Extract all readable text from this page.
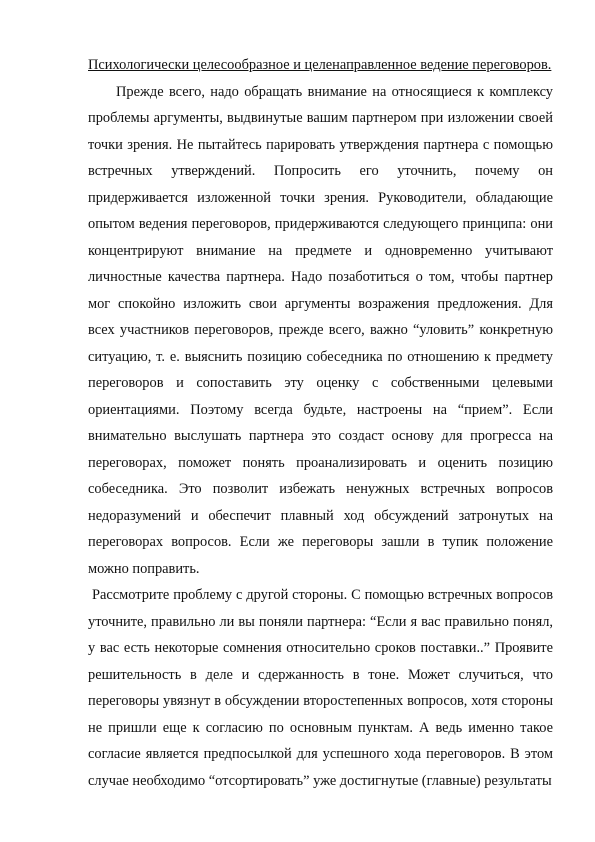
Психологически целесообразное и целенаправленное ведение переговоров.

Прежде всего, надо обращать внимание на относящиеся к комплексу проблемы аргументы, выдвинутые вашим партнером при изложении своей точки зрения. Не пытайтесь парировать утверждения партнера с помощью встречных утверждений. Попросить его уточнить, почему он придерживается изложенной точки зрения. Руководители, обладающие опытом ведения переговоров, придерживаются следующего принципа: они концентрируют внимание на предмете и одновременно учитывают личностные качества партнера. Надо позаботиться о том, чтобы партнер мог спокойно изложить свои аргументы возражения предложения. Для всех участников переговоров, прежде всего, важно “уловить” конкретную ситуацию, т. е. выяснить позицию собеседника по отношению к предмету переговоров и сопоставить эту оценку с собственными целевыми ориентациями. Поэтому всегда будьте, настроены на “прием”. Если внимательно выслушать партнера это создаст основу для прогресса на переговорах, поможет понять проанализировать и оценить позицию собеседника. Это позволит избежать ненужных встречных вопросов недоразумений и обеспечит плавный ход обсуждений затронутых на переговорах вопросов. Если же переговоры зашли в тупик положение можно поправить.

Рассмотрите проблему с другой стороны. С помощью встречных вопросов уточните, правильно ли вы поняли партнера: “Если я вас правильно понял, у вас есть некоторые сомнения относительно сроков поставки..” Проявите решительность в деле и сдержанность в тоне. Может случиться, что переговоры увязнут в обсуждении второстепенных вопросов, хотя стороны не пришли еще к согласию по основным пунктам. А ведь именно такое согласие является предпосылкой для успешного хода переговоров. В этом случае необходимо “отсортировать” уже достигнутые (главные) результаты
